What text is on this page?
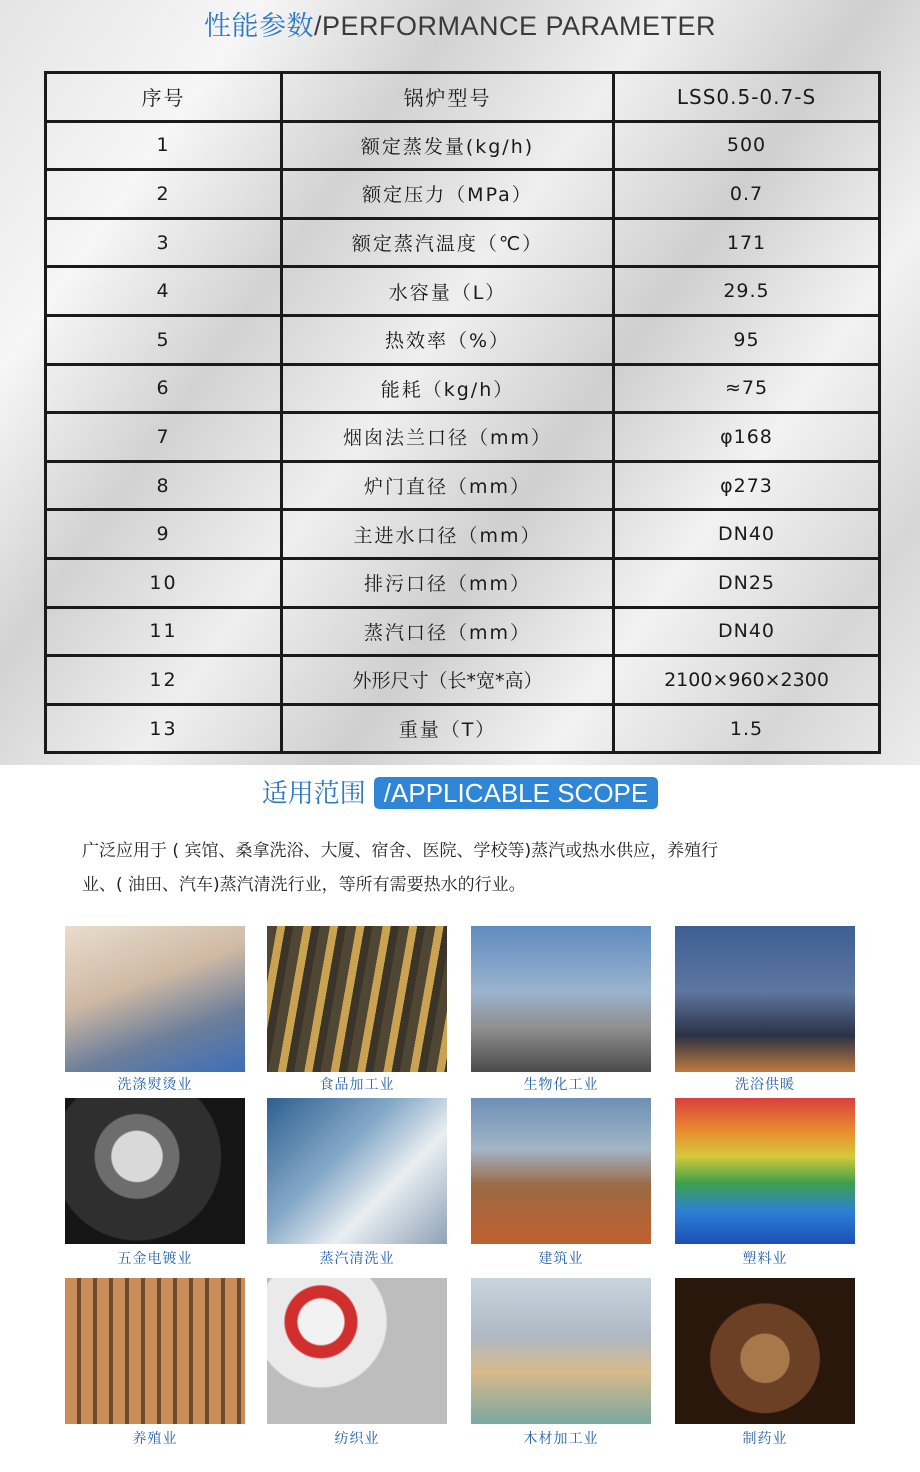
性能参数/PERFORMANCE PARAMETER
序号	锅炉型号	LSS0.5-0.7-S
1	额定蒸发量(kg/h)	500
2	额定压力（MPa）	0.7
3	额定蒸汽温度（℃）	171
4	水容量（L）	29.5
5	热效率（%）	95
6	能耗（kg/h）	≈75
7	烟囱法兰口径（mm）	φ168
8	炉门直径（mm）	φ273
9	主进水口径（mm）	DN40
10	排污口径（mm）	DN25
11	蒸汽口径（mm）	DN40
12	外形尺寸（长*宽*高）	2100×960×2300
13	重量（T）	1.5
适用范围 /APPLICABLE SCOPE
广泛应用于 ( 宾馆、桑拿洗浴、大厦、宿舍、医院、学校等)蒸汽或热水供应，养殖行
业、( 油田、汽车)蒸汽清洗行业，等所有需要热水的行业。
洗涤熨烫业	食品加工业	生物化工业	洗浴供暖
五金电镀业	蒸汽清洗业	建筑业	塑料业
养殖业	纺织业	木材加工业	制药业
